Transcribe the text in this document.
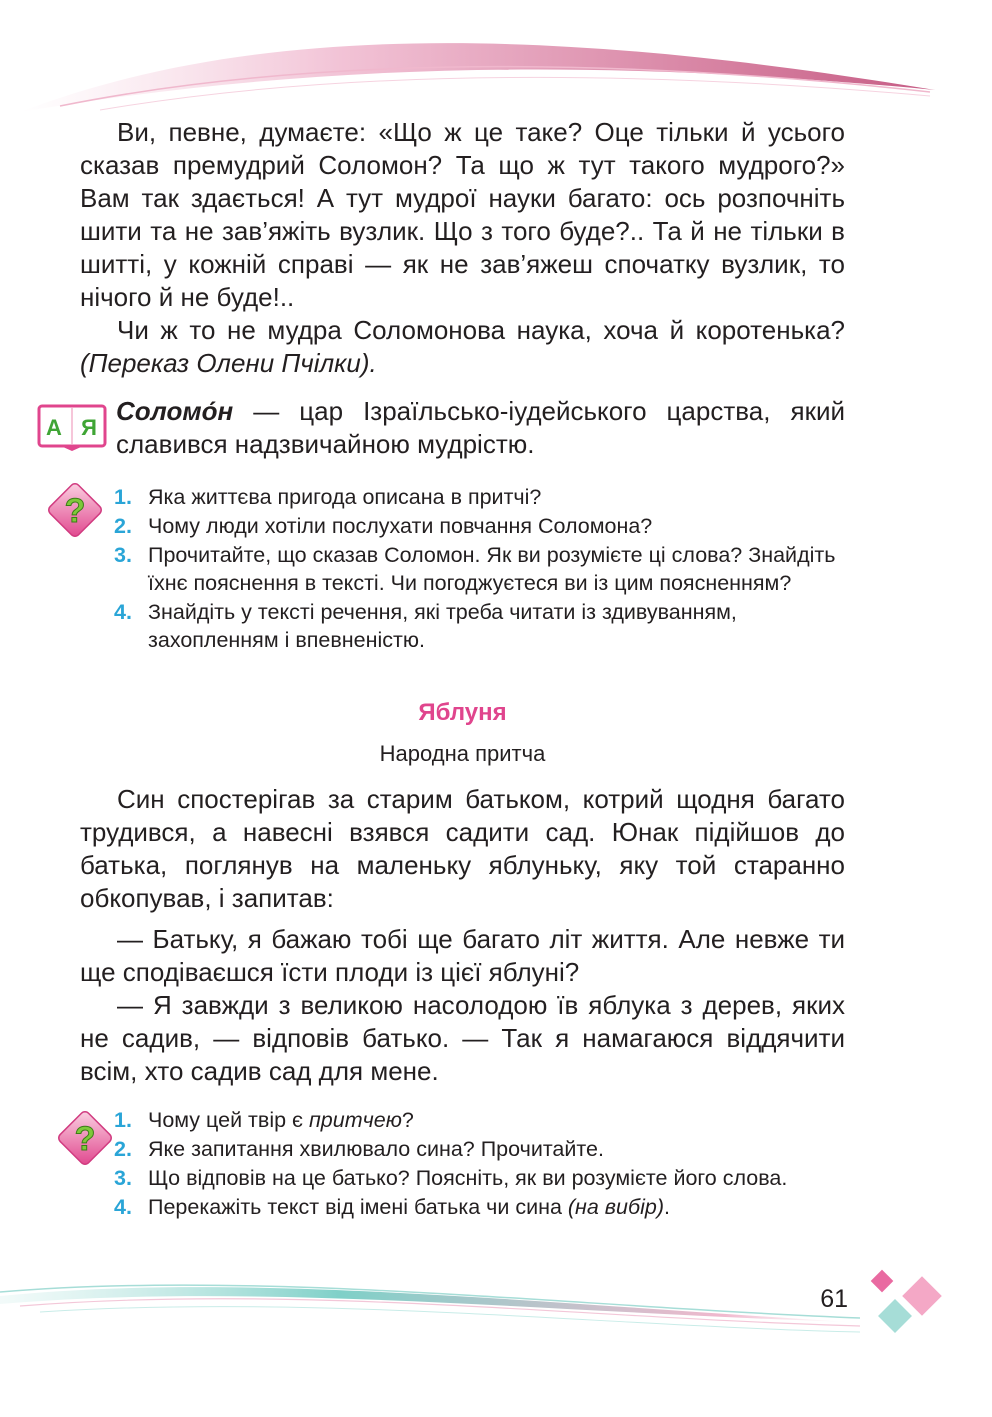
Ви, певне, думаєте: «Що ж це таке? Оце тільки й усього сказав премудрий Соломон? Та що ж тут такого мудрого?» Вам так здається! А тут мудрої науки багато: ось розпочніть шити та не зав’яжіть вузлик. Що з того буде?.. Та й не тільки в шитті, у кожній справі — як не зав’яжеш спочатку вузлик, то нічого й не буде!..

Чи ж то не мудра Соломонова наука, хоча й коротенька? (Переказ Олени Пчілки).

А Я
Соломо́н — цар Ізраїльсько-іудейського царства, який славився надзвичайною мудрістю.
? 1. Яка життєва пригода описана в притчі?
2. Чому люди хотіли послухати повчання Соломона?
3. Прочитайте, що сказав Соломон. Як ви розумієте ці слова? Знайдіть їхнє пояснення в тексті. Чи погоджуєтеся ви із цим поясненням?
4. Знайдіть у тексті речення, які треба читати із здивуванням, захопленням і впевненістю.
Яблуня
Народна притча

Син спостерігав за старим батьком, котрий щодня багато трудився, а навесні взявся садити сад. Юнак підійшов до батька, поглянув на маленьку яблуньку, яку той старанно обкопував, і запитав:

— Батьку, я бажаю тобі ще багато літ життя. Але невже ти ще сподіваєшся їсти плоди із цієї яблуні?

— Я завжди з великою насолодою їв яблука з дерев, яких не садив, — відповів батько. — Так я намагаюся віддячити всім, хто садив сад для мене.

? 1. Чому цей твір є притчею?
2. Яке запитання хвилювало сина? Прочитайте.
3. Що відповів на це батько? Поясніть, як ви розумієте його слова.
4. Перекажіть текст від імені батька чи сина (на вибір).
61
